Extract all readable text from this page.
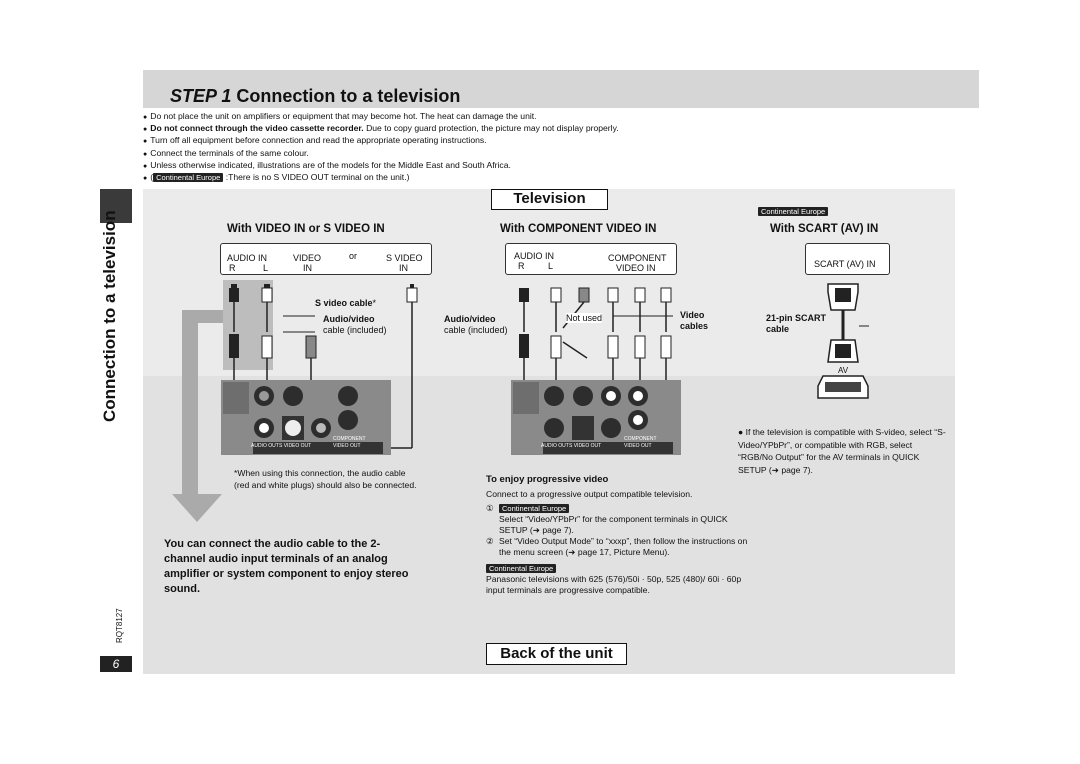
STEP 1 Connection to a television
● Do not place the unit on amplifiers or equipment that may become hot. The heat can damage the unit.
● Do not connect through the video cassette recorder. Due to copy guard protection, the picture may not display properly.
● Turn off all equipment before connection and read the appropriate operating instructions.
● Connect the terminals of the same colour.
● Unless otherwise indicated, illustrations are of the models for the Middle East and South Africa.
● ( Continental Europe :There is no S VIDEO OUT terminal on the unit.)
Connection to a television
RQT8127
6
Television
With VIDEO IN or S VIDEO IN	With COMPONENT VIDEO IN	With SCART (AV) IN
Continental Europe
AUDIO IN
R	L
VIDEO
IN
or	S VIDEO
IN
AUDIO IN
R	L
COMPONENT
VIDEO IN	SCART (AV) IN
S video cable*
Audio/video
cable (included)
Audio/video
cable (included)
Not used	Video
cables
21-pin SCART
cable
AV
AUDIO OUT S VIDEO OUT
COMPONENT
VIDEO OUT	AUDIO OUT S VIDEO OUT
COMPONENT
VIDEO OUT
*When using this connection, the audio cable
(red and white plugs) should also be connected.
You can connect the audio cable to the 2-channel audio input terminals of an analog amplifier or system component to enjoy stereo sound.
To enjoy progressive video
Connect to a progressive output compatible television.
① Continental Europe
Select “Video/YPbPr” for the component terminals in QUICK SETUP (➜ page 7).
② Set “Video Output Mode” to “xxxp”, then follow the instructions on the menu screen (➜ page 17, Picture Menu).
Continental Europe
Panasonic televisions with 625 (576)/50i · 50p, 525 (480)/ 60i · 60p input terminals are progressive compatible.
● If the television is compatible with S-video, select “S-Video/YPbPr”, or compatible with RGB, select “RGB/No Output” for the AV terminals in QUICK SETUP (➜ page 7).
Back of the unit
